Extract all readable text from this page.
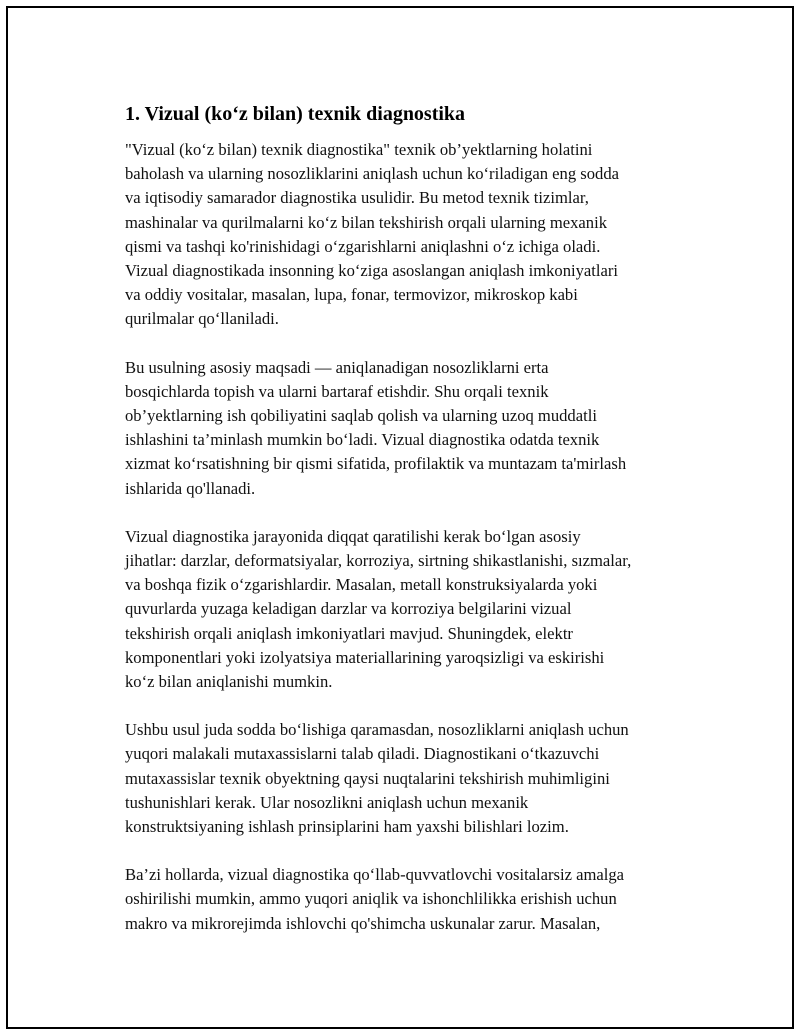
1. Vizual (ko‘z bilan) texnik diagnostika

"Vizual (ko‘z bilan) texnik diagnostika" texnik ob’yektlarning holatini
baholash va ularning nosozliklarini aniqlash uchun ko‘riladigan eng sodda
va iqtisodiy samarador diagnostika usulidir. Bu metod texnik tizimlar,
mashinalar va qurilmalarni ko‘z bilan tekshirish orqali ularning mexanik
qismi va tashqi ko'rinishidagi o‘zgarishlarni aniqlashni o‘z ichiga oladi.
Vizual diagnostikada insonning ko‘ziga asoslangan aniqlash imkoniyatlari
va oddiy vositalar, masalan, lupa, fonar, termovizor, mikroskop kabi
qurilmalar qo‘llaniladi.

Bu usulning asosiy maqsadi — aniqlanadigan nosozliklarni erta
bosqichlarda topish va ularni bartaraf etishdir. Shu orqali texnik
ob’yektlarning ish qobiliyatini saqlab qolish va ularning uzoq muddatli
ishlashini ta’minlash mumkin bo‘ladi. Vizual diagnostika odatda texnik
xizmat ko‘rsatishning bir qismi sifatida, profilaktik va muntazam ta'mirlash
ishlarida qo'llanadi.

Vizual diagnostika jarayonida diqqat qaratilishi kerak bo‘lgan asosiy
jihatlar: darzlar, deformatsiyalar, korroziya, sirtning shikastlanishi, sızmalar,
va boshqa fizik o‘zgarishlardir. Masalan, metall konstruksiyalarda yoki
quvurlarda yuzaga keladigan darzlar va korroziya belgilarini vizual
tekshirish orqali aniqlash imkoniyatlari mavjud. Shuningdek, elektr
komponentlari yoki izolyatsiya materiallarining yaroqsizligi va eskirishi
ko‘z bilan aniqlanishi mumkin.

Ushbu usul juda sodda bo‘lishiga qaramasdan, nosozliklarni aniqlash uchun
yuqori malakali mutaxassislarni talab qiladi. Diagnostikani o‘tkazuvchi
mutaxassislar texnik obyektning qaysi nuqtalarini tekshirish muhimligini
tushunishlari kerak. Ular nosozlikni aniqlash uchun mexanik
konstruktsiyaning ishlash prinsiplarini ham yaxshi bilishlari lozim.

Ba’zi hollarda, vizual diagnostika qo‘llab-quvvatlovchi vositalarsiz amalga
oshirilishi mumkin, ammo yuqori aniqlik va ishonchlilikka erishish uchun
makro va mikrorejimda ishlovchi qo'shimcha uskunalar zarur. Masalan,
